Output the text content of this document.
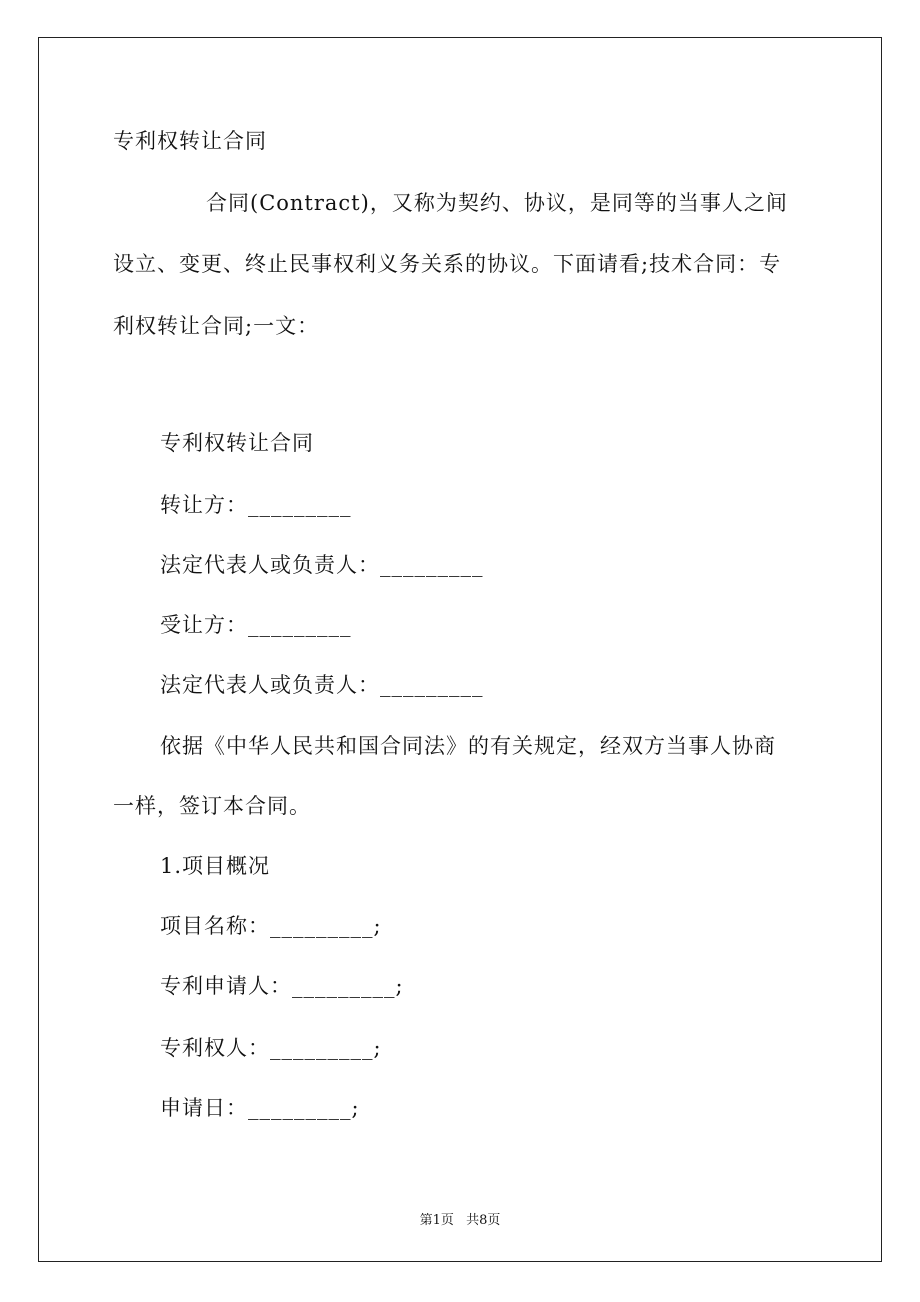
专利权转让合同
合同(Contract)，又称为契约、协议，是同等的当事人之间
设立、变更、终止民事权利义务关系的协议。下面请看;技术合同：专
利权转让合同;一文：
专利权转让合同
转让方：_________
法定代表人或负责人：_________
受让方：_________
法定代表人或负责人：_________
依据《中华人民共和国合同法》的有关规定，经双方当事人协商
一样，签订本合同。
1.项目概况
项目名称：_________;
专利申请人：_________;
专利权人：_________;
申请日：_________;
第1页 共8页
